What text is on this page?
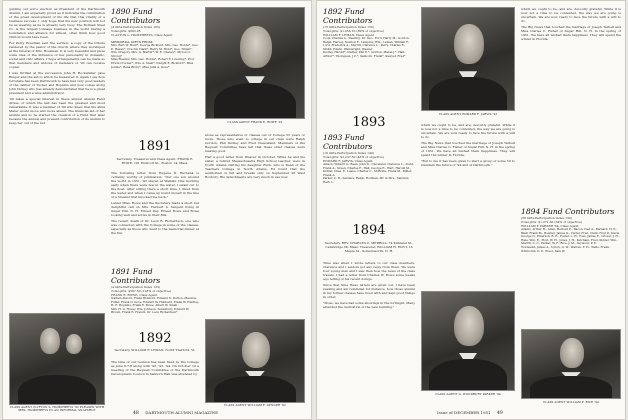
guiding our son's election as President of the Dartmouth Alumni. I am especially proud as it indicates the culmination of the great development of his life that this vitality of a business success. I only hope that his new position will not be as wearing as he is already very busy. The Rotman Steel Co. is the largest tonnage business in the world having a foundation and alliance for almost, often think how good Clinton would have been.

For Perry Hossman sent the sermon, a copy of the tribute rendered by the pastor of the church where they worshiped at the funeral of Mrs. Hossman. It is very beautiful and gives some idea of the influence of her personality in domestic, social and civic affairs. I hope arrangements can be made so that members and widows of members of '90 can receive copies.

I was thrilled at the succession John H. Rockefeller gave Ringer and the aid to which he measured it. Again I say how fortunate has been Dartmouth to have had very good leaders of the caliber of Tucker and Hopkins and now comes along John Dickey who has already demonstrated that he is a great president and a wise administrator.

'90 takes a special interest in these annual Alumni Fund drives, of which the last has been the greatest and most remarkable. It was a member of '90 who knew that his Alma Mater would move and move ahead. The financial aid of her alumni and so he started the creation of a Fund that later became the annual and present contribution of its alumni to keep her out of the red.

CLASS AGENT CLIFTON S. HUMPHREYS '92 PLEASED WITH MRS. HUMPHREYS IN AN INFORMAL SNAPSHOT
1890 Fund Contributors
(4 Gifts-Participation Index 105)
Total gifts: $693.05
CLAYTON L. HUMPHREYS, Class Agent
MEMORIAL GIFTS FROM:
Mrs. Bert W. Hunt*, George Bickford, Mrs. Geo. Hobbs*, Geo. E. Haven*, Crecius Clark*, Harry M. Hunt*, Geo. Tilden*, Wm. Gregory, Mrs. G. Martin*, W. E. Cheney*, Myron G. Strong*
Miss Eleanor, Mrs. Geo. Hobbs*, Robert F. Lovering*, Prof. Erwin Crocker*, Wm. A. Snell*, Dwight E. Bickford*, Miss Jennie*, Rena Bixby*, Miss Julia A. Gove*
1891
Secretary, Treasurer and Class Agent, FRANK E. ROWE, 101 Endicott St., Boston 14, Mass.

The following letter from Eugene D. Burbank is certainly worthy of publication: "Our one son around the world in 1951, '93 stayed at Waikiki. One morning early when there were few in the water, I swam out to the float. After sitting there a short time, I dived from the water and when I came up found myself in the line of a breaker that knocked me back."

Lanier Miss. Rowe and the Secretary made a short but delightful call on Mrs. Herbert S. Sargent living in Sugar Hill, N. H. Ernest Day, Ernest Rowe and Rowe looking well and active in their 80s.

The recent death of Dr. Leon B. Richardson, one who was connected with the College in some of the classes, especially as those who went to the memorial dinner at the Inn.

1891 Fund Contributors
(4 Gifts-Participation Index 133)
Total gifts: $597.50 (128% of objective)
FRANK E. ROWE, Class Agent
Nathan Abbott, Frank Bickford, Edward N. Dutton, Maurice Fuller, Frank D. Gove, Edward W. Hubbard, Frank W. Huntley, H. E. Hopkins, Frank E. Rowe, Albert W. Small
Mrs. H. G. Hovey, Wm. Johnson, Tewksbury, Edward W. Brown, Frank E. French, Dr. Leon Richardson*
1892
Secretary, WILLIAM F. LEMAN, North Thetford, Vt.

The time of our reunion has been fixed by the College as June 6-7-8 along with '92, '93, '94. On October 19 a meeting of the Bequest Committee of the Dartmouth Development Council in Sanborn Hall was attended by

CLASS AGENT FRANK E. ROWE '91

alone as representative of classes out of College 55 years or more. Those who went to college in our class were Ralph Gordon, Phil Dudley and Fred Cleaveland. Members of the Bequest Committee have felt that these older classes were making good.

Had a good letter from Weaver in October. While he and his sister, a retired Massachusetts High School teacher, were in North Adams visiting his daughter Ruth, who is Dean of the Teachers College in North Adams, Ed found that the auditorium is full and breaks only on September 28 West Roxbury. His detachments are very much in use now.

CLASS AGENT WILLIAM F. DENGER '92
48 DARTMOUTH ALUMNI MAGAZINE
1892 Fund Contributors
(15 Gifts-Participation Index 150)
Total gifts: $1,056.10 (89% of objective)
WILLIAM F. LEMAN, Class Agent
Cook, Charles A., Deering, Dr. Geo., Ford, Harry M., Gordon, Ralph, Harvey, Newton F., Lamprey, Wm., Leman, William F., Lord, Frederick A., Merrill, Clarence L., Perry, Charles E., Smith, Edwin, Wainwright, Weaver
Dudley, Harold*, Dudley, Phil E.*, Gordon, Mabel J.*, Hall, Arthur*, Thompson, J.C.*, Sanborn, Frank*, Sawyer, Fred*
1893
1893 Fund Contributors
(16 Gifts-Participation Index 140)
Total gifts: $2,237.50 (43% of objective)
EDWARD F. JARVIS, Class Agent
Allison, Willard G., Bean, John D., Cleveland, Clarence L., Dodd, Frank A., Green, Charles F., Hall, George E., Hart, Harold M., Kidder, Chas. F., Leane, Charles C., McBride, Frank M., Miller, Frank A.
Parker, C. R., Sanders, Ralph, Rodman, Mr. & Mrs., Sanders, Herb L.
1894
Secretary, REV. CHARLES C. MERRILL, 74 Kirkland St., Cambridge 38, Mass. Treasurer, WILLIAM H. HOYT, 16 Maple St., Somersworth, N. H.

Time was when I wrote letters to our class members, Clarence and I seldom got any reply from them. We were four young men and I saw then how the news of the class travels. I had a letter from Charles W. Rowe some weeks ago telling of his recent doings.

Since that time these letters are given out. I have been reading and am reminded for instance, how those alumni in my former classes have lived with and kept good things in order.

"Moss, we have had some showings in the fortnight. Many attended the dedication of the new building."

CLASS AGENT EDWARD F. JARVIS '93

which we ought to be, and are, devoutly grateful. While it is now not a time to be contented, the way we are going is uncertain. We are now ready to face the future with a will to do.

The Big News that touched the marriage of Joseph Tarbell and Miss Clarise C. Fisher of Sugar Hill, N. H. in the spring of 1951. We have all wished them happiness. They will spend the winter in Florida.

"But to me it has been given to start a group of some 50 to maintain the future of '94 and of Dartmouth."

CLASS AGENT G. WOODBURY PARKER '94

which we ought to be, and are, devoutly grateful. While it is now not a time to be contented, the way we are going is uncertain. We are now ready to face the future with a will to do.

The Big News that touched the marriage of Joseph Tarbell and Miss Clarise C. Fisher of Sugar Hill, N. H. in the spring of 1951. We have all wished them happiness. They will spend the winter in Florida.

1894 Fund Contributors
(36 Gifts-Participation Index 130)
Total gifts: $1,271.60 (64% of objective)
WILLIAM F. PARKER '94, Class Agent
Adams, Arthur H., Allen, Herbert E., Bacon, Ned A., Barnard, H. P., Blair, Frank M., Bowker, James G., Carter, Fred, Clark, Hoyt P., Davis, George O., Emerson, B. E., Foster, L. H., Foss, James E., Grover, J. H., Hale, Wm. E., Hoyt, W. H., Jones, J. H., Ketcham, Fred, Kidder, Wm., Merrill, C. C., Parker, W. F., Rice, J. M., Seymour, P. E.
Townsend, James A., Upton, G. W., Warren, F. H., Wells, Frank, Whitcomb, D. P., Wood, Sam W.
CLASS AGENT WILLIAM F. RICE '94
Issue of DECEMBER 1951 49
